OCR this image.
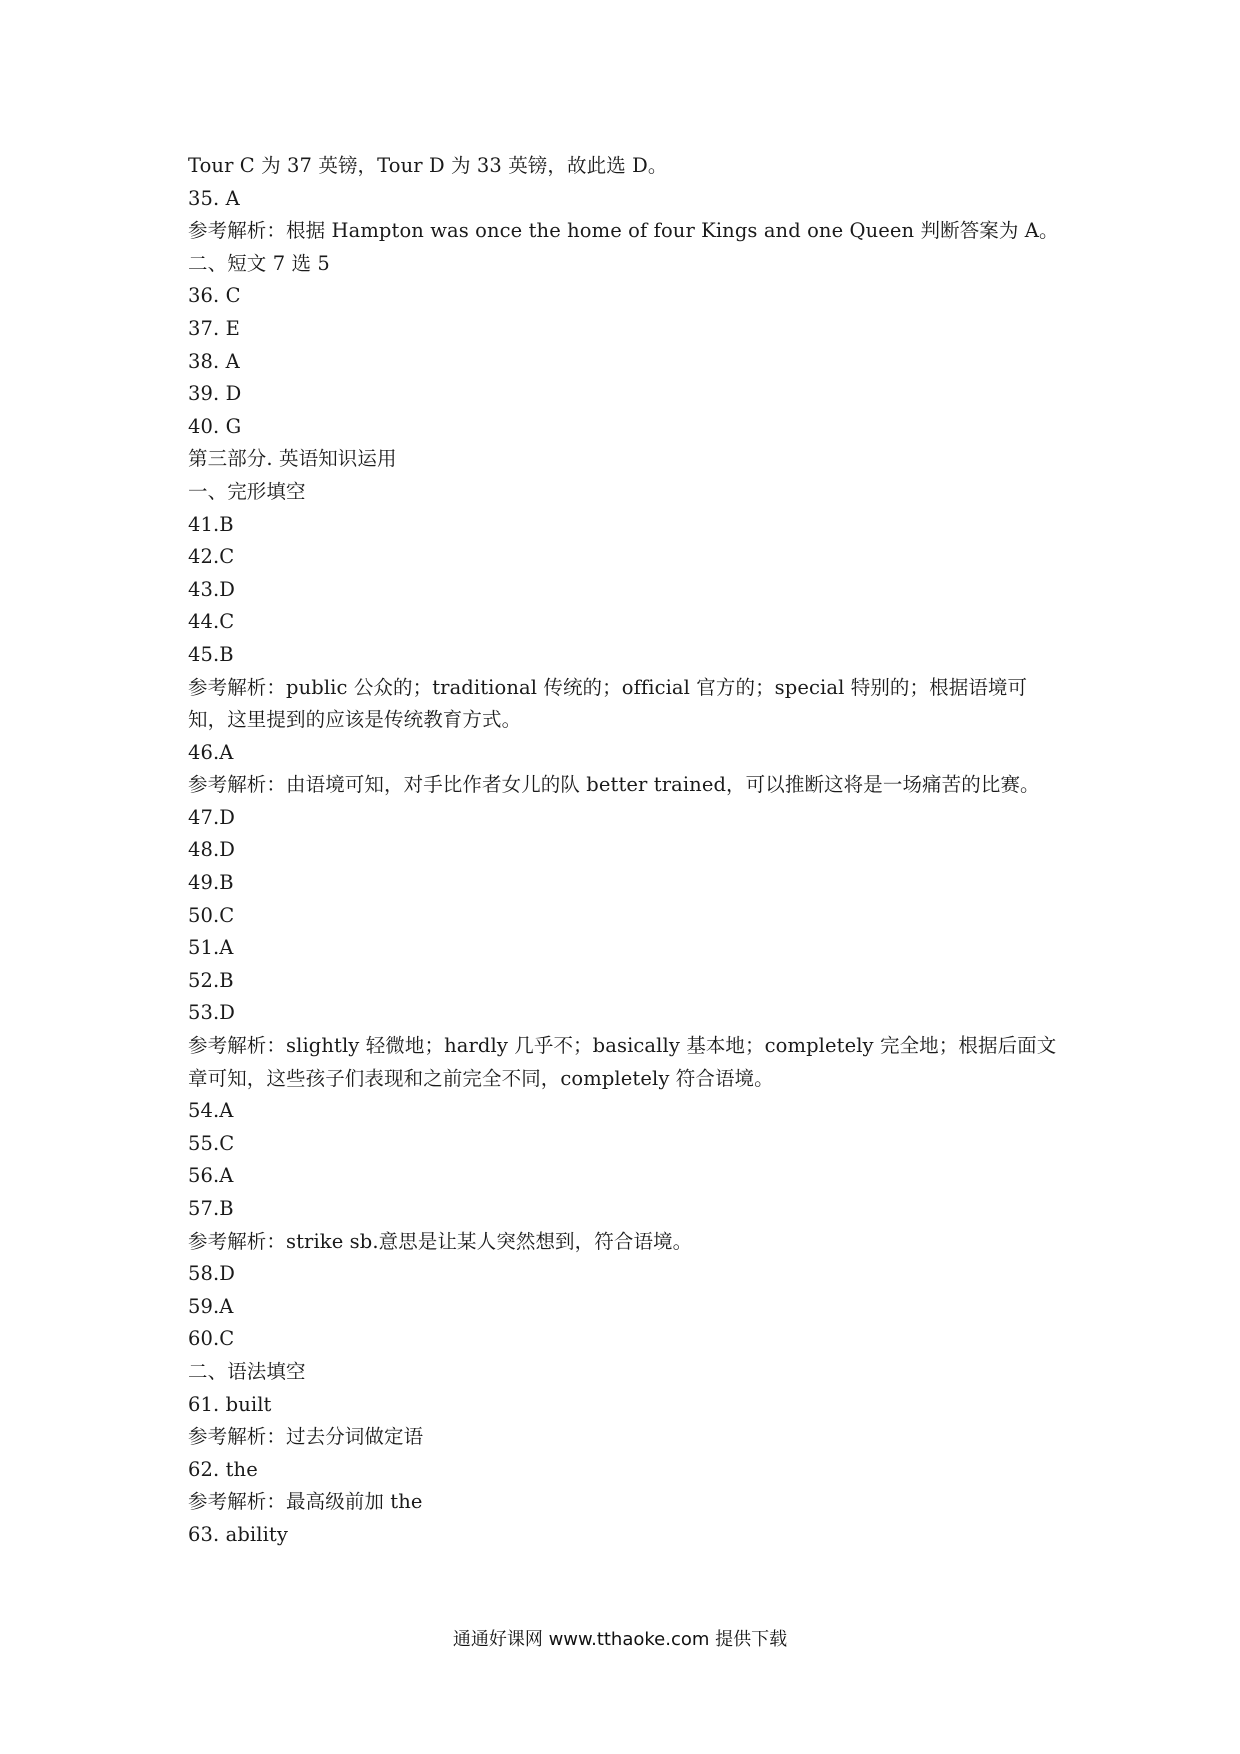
Tour C 为 37 英镑，Tour D 为 33 英镑，故此选 D。
35. A
参考解析：根据 Hampton was once the home of four Kings and one Queen 判断答案为 A。
二、短文 7 选 5
36. C
37. E
38. A
39. D
40. G
第三部分. 英语知识运用
一、完形填空
41.B
42.C
43.D
44.C
45.B
参考解析：public 公众的；traditional 传统的；official 官方的；special 特别的；根据语境可知，这里提到的应该是传统教育方式。
46.A
参考解析：由语境可知，对手比作者女儿的队 better trained，可以推断这将是一场痛苦的比赛。
47.D
48.D
49.B
50.C
51.A
52.B
53.D
参考解析：slightly 轻微地；hardly 几乎不；basically 基本地；completely 完全地；根据后面文章可知，这些孩子们表现和之前完全不同，completely 符合语境。
54.A
55.C
56.A
57.B
参考解析：strike sb.意思是让某人突然想到，符合语境。
58.D
59.A
60.C
二、语法填空
61. built
参考解析：过去分词做定语
62. the
参考解析：最高级前加 the
63. ability
通通好课网 www.tthaoke.com 提供下载
